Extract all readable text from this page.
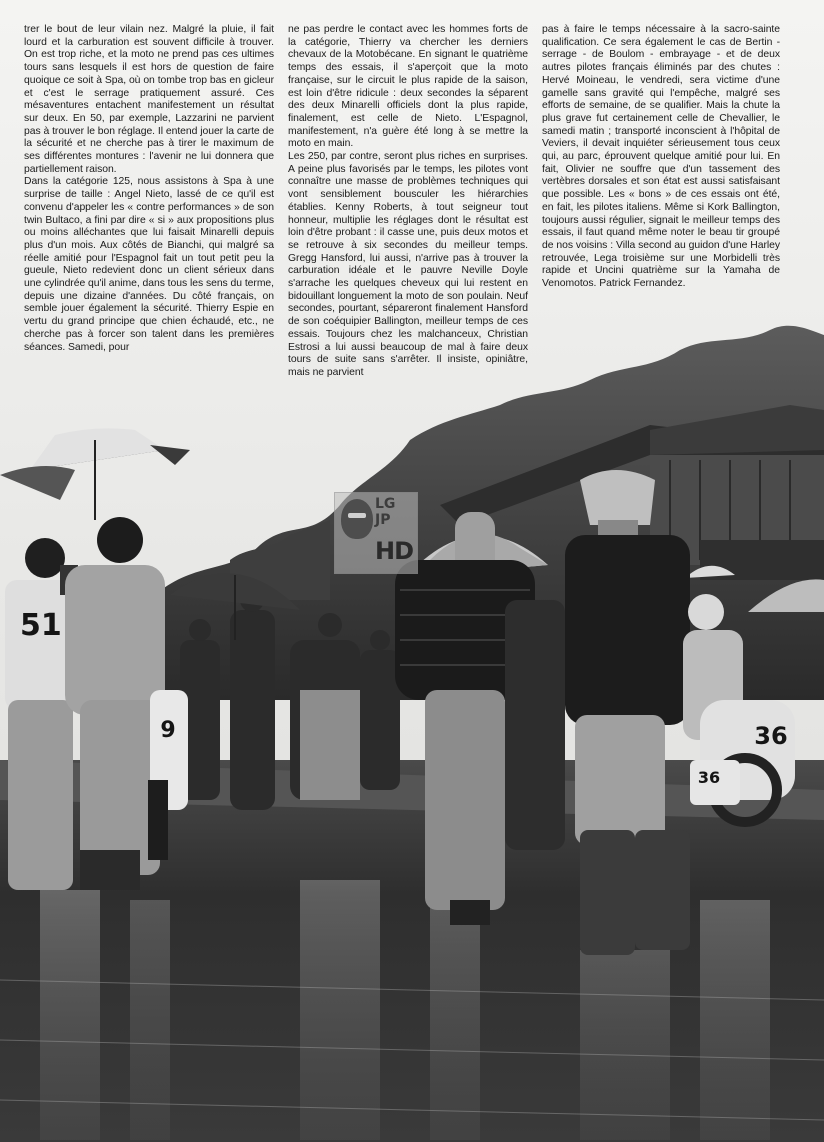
51
9	36
36

trer le bout de leur vilain nez. Malgré la pluie, il fait lourd et la carburation est souvent difficile à trouver. On est trop riche, et la moto ne prend pas ces ultimes tours sans lesquels il est hors de question de faire quoique ce soit à Spa, où on tombe trop bas en gicleur et c'est le serrage pratiquement assuré. Ces mésaventures entachent manifestement un résultat sur deux. En 50, par exemple, Lazzarini ne parvient pas à trouver le bon réglage. Il entend jouer la carte de la sécurité et ne cherche pas à tirer le maximum de ses différentes montures : l'avenir ne lui donnera que partiellement raison.

Dans la catégorie 125, nous assistons à Spa à une surprise de taille : Angel Nieto, lassé de ce qu'il est convenu d'appeler les « contre performances » de son twin Bultaco, a fini par dire « si » aux propositions plus ou moins alléchantes que lui faisait Minarelli depuis plus d'un mois. Aux côtés de Bianchi, qui malgré sa réelle amitié pour l'Espagnol fait un tout petit peu la gueule, Nieto redevient donc un client sérieux dans une cylindrée qu'il anime, dans tous les sens du terme, depuis une dizaine d'années. Du côté français, on semble jouer également la sécurité. Thierry Espie en vertu du grand principe que chien échaudé, etc., ne cherche pas à forcer son talent dans les premières séances. Samedi, pour

ne pas perdre le contact avec les hommes forts de la catégorie, Thierry va chercher les derniers chevaux de la Motobécane. En signant le quatrième temps des essais, il s'aperçoit que la moto française, sur le circuit le plus rapide de la saison, est loin d'être ridicule : deux secondes la séparent des deux Minarelli officiels dont la plus rapide, finalement, est celle de Nieto. L'Espagnol, manifestement, n'a guère été long à se mettre la moto en main.

Les 250, par contre, seront plus riches en surprises. A peine plus favorisés par le temps, les pilotes vont connaître une masse de problèmes techniques qui vont sensiblement bousculer les hiérarchies établies. Kenny Roberts, à tout seigneur tout honneur, multiplie les réglages dont le résultat est loin d'être probant : il casse une, puis deux motos et se retrouve à six secondes du meilleur temps. Gregg Hansford, lui aussi, n'arrive pas à trouver la carburation idéale et le pauvre Neville Doyle s'arrache les quelques cheveux qui lui restent en bidouillant longuement la moto de son poulain. Neuf secondes, pourtant, sépareront finalement Hansford de son coéquipier Ballington, meilleur temps de ces essais. Toujours chez les malchanceux, Christian Estrosi a lui aussi beaucoup de mal à faire deux tours de suite sans s'arrêter. Il insiste, opiniâtre, mais ne parvient

pas à faire le temps nécessaire à la sacro-sainte qualification. Ce sera également le cas de Bertin - serrage - de Boulom - embrayage - et de deux autres pilotes français éliminés par des chutes : Hervé Moineau, le vendredi, sera victime d'une gamelle sans gravité qui l'empêche, malgré ses efforts de semaine, de se qualifier. Mais la chute la plus grave fut certainement celle de Chevallier, le samedi matin ; transporté inconscient à l'hôpital de Veviers, il devait inquiéter sérieusement tous ceux qui, au parc, éprouvent quelque amitié pour lui. En fait, Olivier ne souffre que d'un tassement des vertèbres dorsales et son état est aussi satisfaisant que possible. Les « bons » de ces essais ont été, en fait, les pilotes italiens. Même si Kork Ballington, toujours aussi régulier, signait le meilleur temps des essais, il faut quand même noter le beau tir groupé de nos voisins : Villa second au guidon d'une Harley retrouvée, Lega troisième sur une Morbidelli très rapide et Uncini quatrième sur la Yamaha de Venomotos. Patrick Fernandez.

LG
JP
HD
